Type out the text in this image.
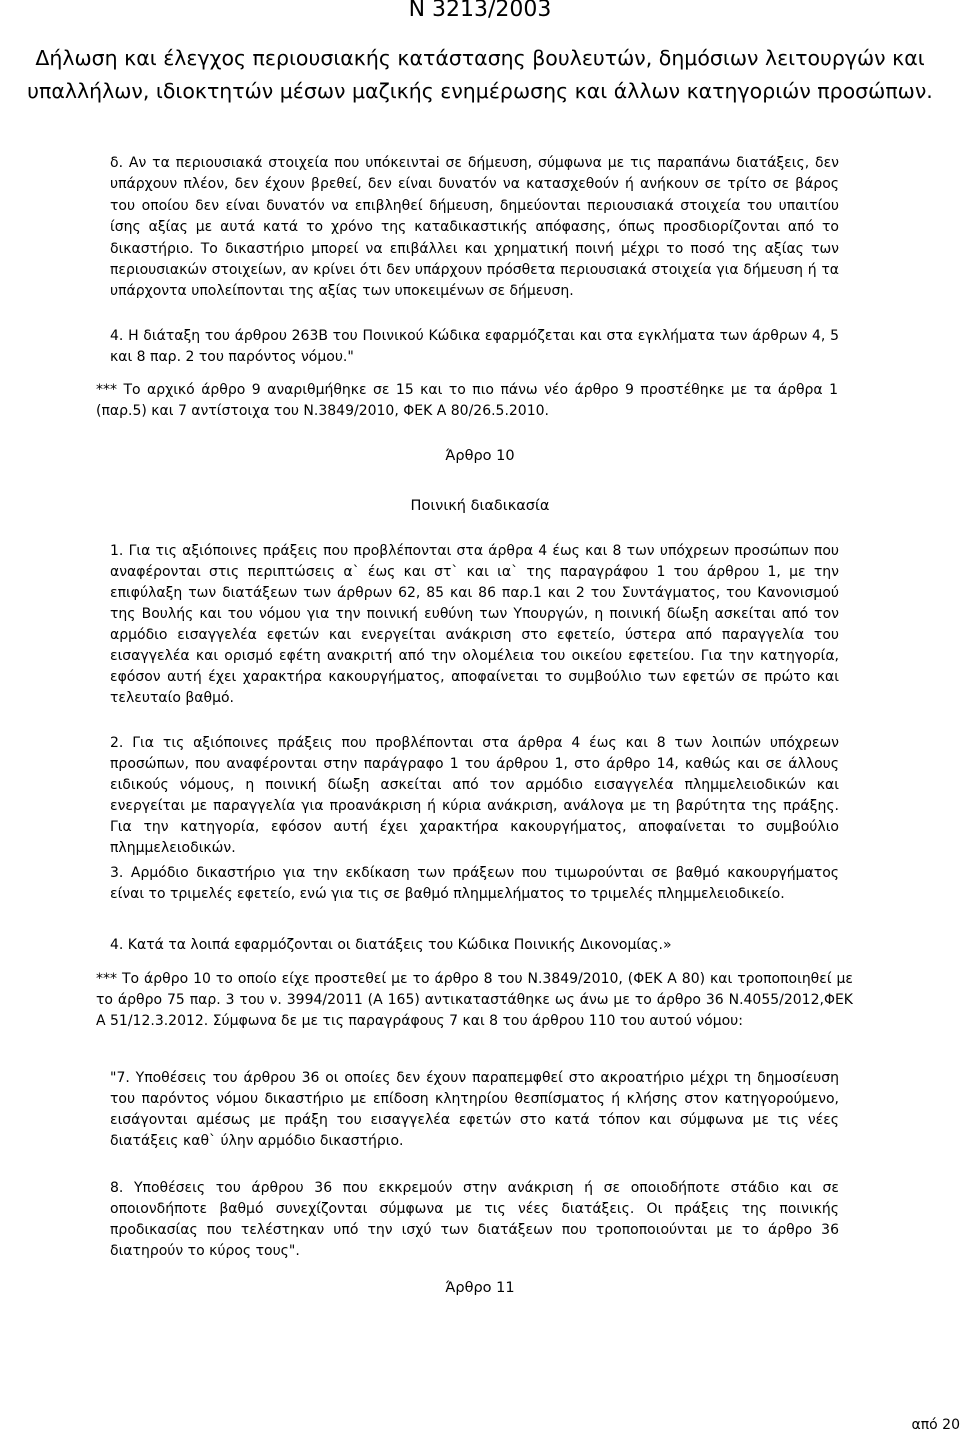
N 3213/2003
Δήλωση και έλεγχος περιουσιακής κατάστασης βουλευτών, δημόσιων λειτουργών και υπαλλήλων, ιδιοκτητών μέσων μαζικής ενημέρωσης και άλλων κατηγοριών προσώπων.

δ. Αν τα περιουσιακά στοιχεία που υπόκειντai σε δήμευση, σύμφωνα με τις παραπάνω διατάξεις, δεν υπάρχουν πλέον, δεν έχουν βρεθεί, δεν είναι δυνατόν να κατασχεθούν ή ανήκουν σε τρίτο σε βάρος του οποίου δεν είναι δυνατόν να επιβληθεί δήμευση, δημεύονται περιουσιακά στοιχεία του υπαιτίου ίσης αξίας με αυτά κατά το χρόνο της καταδικαστικής απόφασης, όπως προσδιορίζονται από το δικαστήριο. Το δικαστήριο μπορεί να επιβάλλει και χρηματική ποινή μέχρι το ποσό της αξίας των περιουσιακών στοιχείων, αν κρίνει ότι δεν υπάρχουν πρόσθετα περιουσιακά στοιχεία για δήμευση ή τα υπάρχοντα υπολείπονται της αξίας των υποκειμένων σε δήμευση.

4. Η διάταξη του άρθρου 263Β του Ποινικού Κώδικα εφαρμόζεται και στα εγκλήματα των άρθρων 4, 5 και 8 παρ. 2 του παρόντος νόμου."

*** Το αρχικό άρθρο 9 αναριθμήθηκε σε 15 και το πιο πάνω νέο άρθρο 9 προστέθηκε με τα άρθρα 1 (παρ.5) και 7 αντίστοιχα του Ν.3849/2010, ΦΕΚ Α 80/26.5.2010.

Άρθρο 10

Ποινική διαδικασία

1. Για τις αξιόποινες πράξεις που προβλέπονται στα άρθρα 4 έως και 8 των υπόχρεων προσώπων που αναφέρονται στις περιπτώσεις α` έως και στ` και ια` της παραγράφου 1 του άρθρου 1, με την επιφύλαξη των διατάξεων των άρθρων 62, 85 και 86 παρ.1 και 2 του Συντάγματος, του Κανονισμού της Βουλής και του νόμου για την ποινική ευθύνη των Υπουργών, η ποινική δίωξη ασκείται από τον αρμόδιο εισαγγελέα εφετών και ενεργείται ανάκριση στο εφετείο, ύστερα από παραγγελία του εισαγγελέα και ορισμό εφέτη ανακριτή από την ολομέλεια του οικείου εφετείου. Για την κατηγορία, εφόσον αυτή έχει χαρακτήρα κακουργήματος, αποφαίνεται το συμβούλιο των εφετών σε πρώτο και τελευταίο βαθμό.

2. Για τις αξιόποινες πράξεις που προβλέπονται στα άρθρα 4 έως και 8 των λοιπών υπόχρεων προσώπων, που αναφέρονται στην παράγραφο 1 του άρθρου 1, στο άρθρο 14, καθώς και σε άλλους ειδικούς νόμους, η ποινική δίωξη ασκείται από τον αρμόδιο εισαγγελέα πλημμελειοδικών και ενεργείται με παραγγελία για προανάκριση ή κύρια ανάκριση, ανάλογα με τη βαρύτητα της πράξης. Για την κατηγορία, εφόσον αυτή έχει χαρακτήρα κακουργήματος, αποφαίνεται το συμβούλιο πλημμελειοδικών.

3. Αρμόδιο δικαστήριο για την εκδίκαση των πράξεων που τιμωρούνται σε βαθμό κακουργήματος είναι το τριμελές εφετείο, ενώ για τις σε βαθμό πλημμελήματος το τριμελές πλημμελειοδικείο.

4. Κατά τα λοιπά εφαρμόζονται οι διατάξεις του Κώδικα Ποινικής Δικονομίας.»

*** Το άρθρο 10 το οποίο είχε προστεθεί με το άρθρο 8 του Ν.3849/2010, (ΦΕΚ Α 80) και τροποποιηθεί με το άρθρο 75 παρ. 3 του ν. 3994/2011 (Α 165) αντικαταστάθηκε ως άνω με το άρθρο 36 Ν.4055/2012,ΦΕΚ Α 51/12.3.2012. Σύμφωνα δε με τις παραγράφους 7 και 8 του άρθρου 110 του αυτού νόμου:

"7. Υποθέσεις του άρθρου 36 οι οποίες δεν έχουν παραπεμφθεί στο ακροατήριο μέχρι τη δημοσίευση του παρόντος νόμου δικαστήριο με επίδοση κλητηρίου θεσπίσματος ή κλήσης στον κατηγορούμενο, εισάγονται αμέσως με πράξη του εισαγγελέα εφετών στο κατά τόπον και σύμφωνα με τις νέες διατάξεις καθ` ύλην αρμόδιο δικαστήριο.

8. Υποθέσεις του άρθρου 36 που εκκρεμούν στην ανάκριση ή σε οποιοδήποτε στάδιο και σε οποιονδήποτε βαθμό συνεχίζονται σύμφωνα με τις νέες διατάξεις. Οι πράξεις της ποινικής προδικασίας που τελέστηκαν υπό την ισχύ των διατάξεων που τροποποιούνται με το άρθρο 36 διατηρούν το κύρος τους".

Άρθρο 11

από 20
